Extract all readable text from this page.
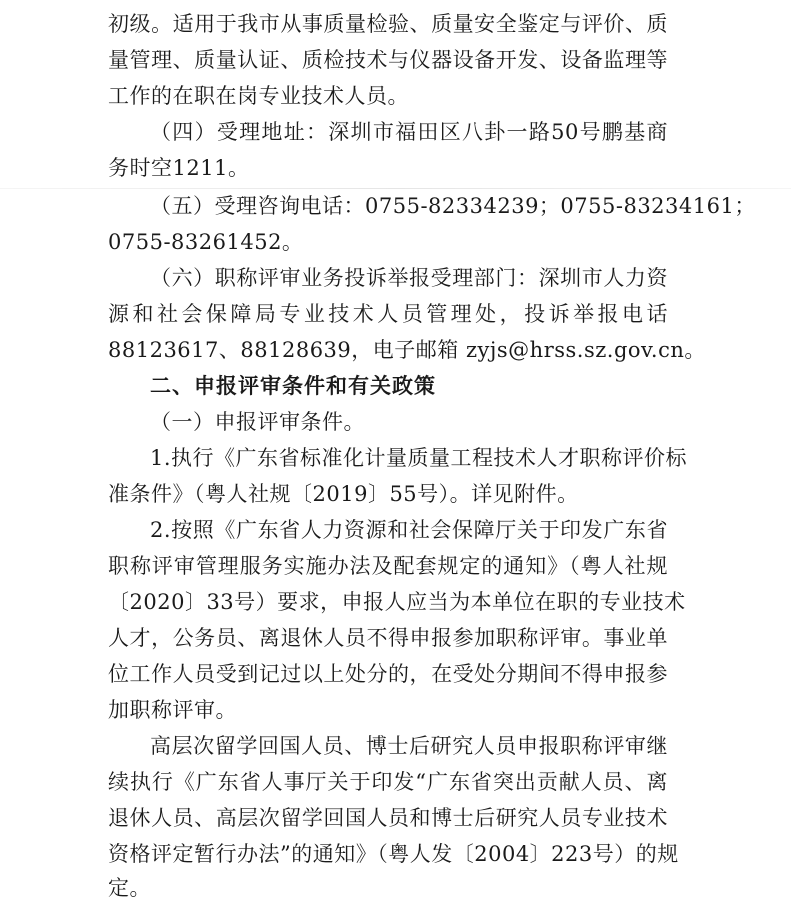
初级。适用于我市从事质量检验、质量安全鉴定与评价、质
量管理、质量认证、质检技术与仪器设备开发、设备监理等
工作的在职在岗专业技术人员。
（四）受理地址：深圳市福田区八卦一路50号鹏基商
务时空1211。
（五）受理咨询电话：0755-82334239；0755-83234161；
0755-83261452。
（六）职称评审业务投诉举报受理部门：深圳市人力资
源和社会保障局专业技术人员管理处，投诉举报电话
88123617、88128639，电子邮箱 zyjs@hrss.sz.gov.cn。
二、申报评审条件和有关政策
（一）申报评审条件。
1.执行《广东省标准化计量质量工程技术人才职称评价标
准条件》（粤人社规〔2019〕55号）。详见附件。
2.按照《广东省人力资源和社会保障厅关于印发广东省
职称评审管理服务实施办法及配套规定的通知》（粤人社规
〔2020〕33号）要求，申报人应当为本单位在职的专业技术
人才，公务员、离退休人员不得申报参加职称评审。事业单
位工作人员受到记过以上处分的，在受处分期间不得申报参
加职称评审。
高层次留学回国人员、博士后研究人员申报职称评审继
续执行《广东省人事厅关于印发“广东省突出贡献人员、离
退休人员、高层次留学回国人员和博士后研究人员专业技术
资格评定暂行办法”的通知》（粤人发〔2004〕223号）的规
定。
